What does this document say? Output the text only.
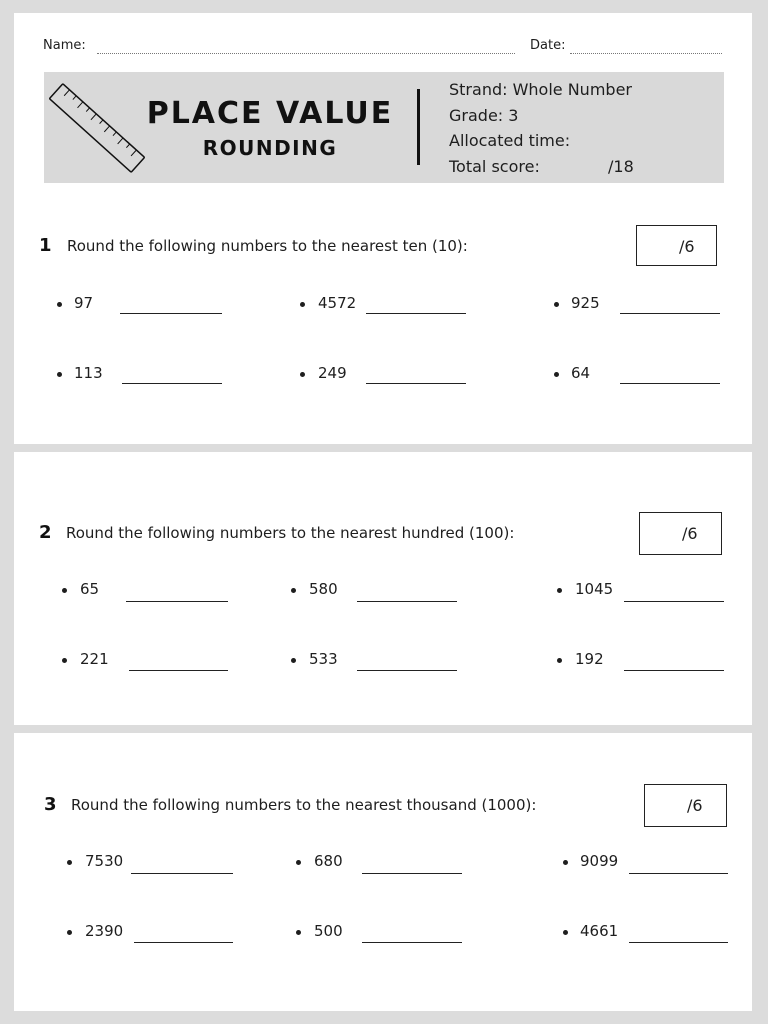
Name:	Date:
PLACE VALUE
ROUNDING
Strand: Whole Number
Grade: 3
Allocated time:
Total score:	/18
1 Round the following numbers to the nearest ten (10):	/6
97	4572	925
113	249	64
2 Round the following numbers to the nearest hundred (100):	/6
65	580	1045
221	533	192
3 Round the following numbers to the nearest thousand (1000):	/6
7530	680	9099
2390	500	4661
